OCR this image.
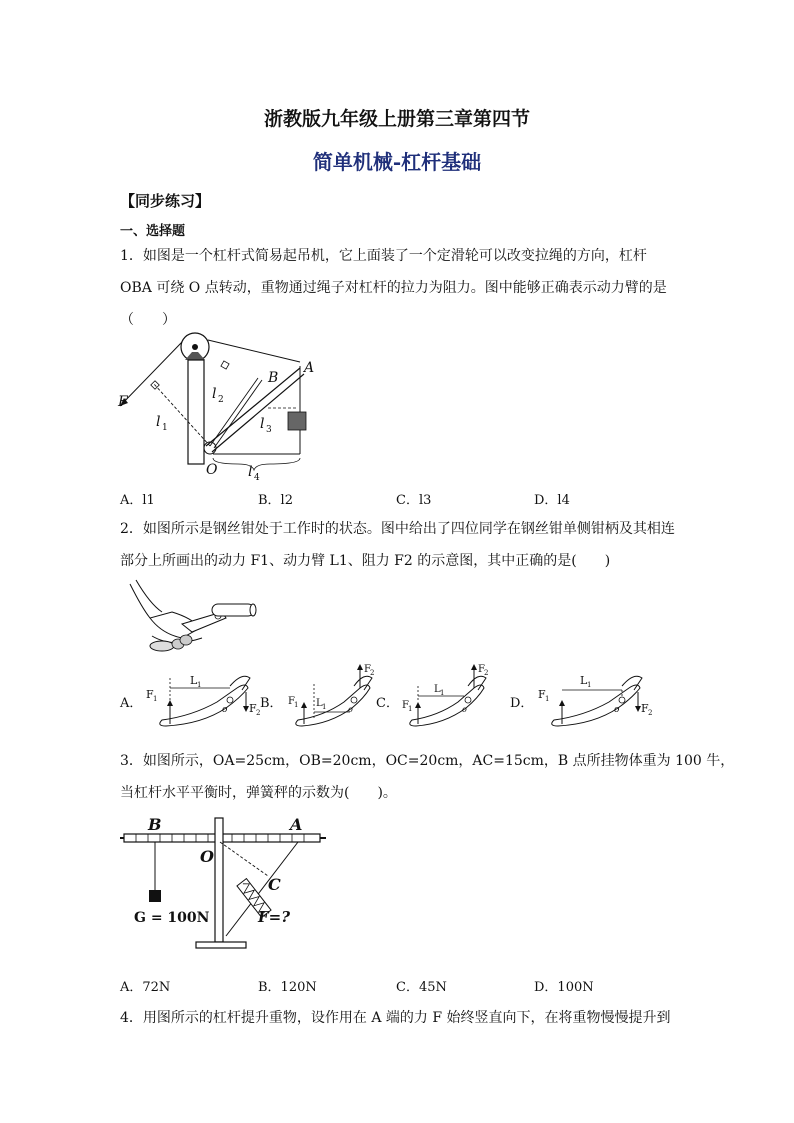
浙教版九年级上册第三章第四节
简单机械-杠杆基础
【同步练习】
一、选择题
1．如图是一个杠杆式简易起吊机，它上面装了一个定滑轮可以改变拉绳的方向，杠杆
OBA 可绕 O 点转动，重物通过绳子对杠杆的拉力为阻力。图中能够正确表示动力臂的是
（　　）
F
l 1
l 2
l 3
l 4
A
B
O
A．l1	B．l2	C．l3	D．l4
2．如图所示是钢丝钳处于工作时的状态。图中给出了四位同学在钢丝钳单侧钳柄及其相连
部分上所画出的动力 F1、动力臂 L1、阻力 F2 的示意图，其中正确的是(　　)
A．
F 1
L 1
F 2
o	B． F 1 L 1
F 2
o C． F 1
L 1
F 2
o	D．
F 1
L 1
F 2
o
3．如图所示，OA=25cm，OB=20cm，OC=20cm，AC=15cm，B 点所挂物体重为 100 牛，
当杠杆水平平衡时，弹簧秤的示数为(　　)。
B	A
O
C
G = 100N	F=?
A．72N	B．120N	C．45N	D．100N
4．用图所示的杠杆提升重物，设作用在 A 端的力 F 始终竖直向下，在将重物慢慢提升到
